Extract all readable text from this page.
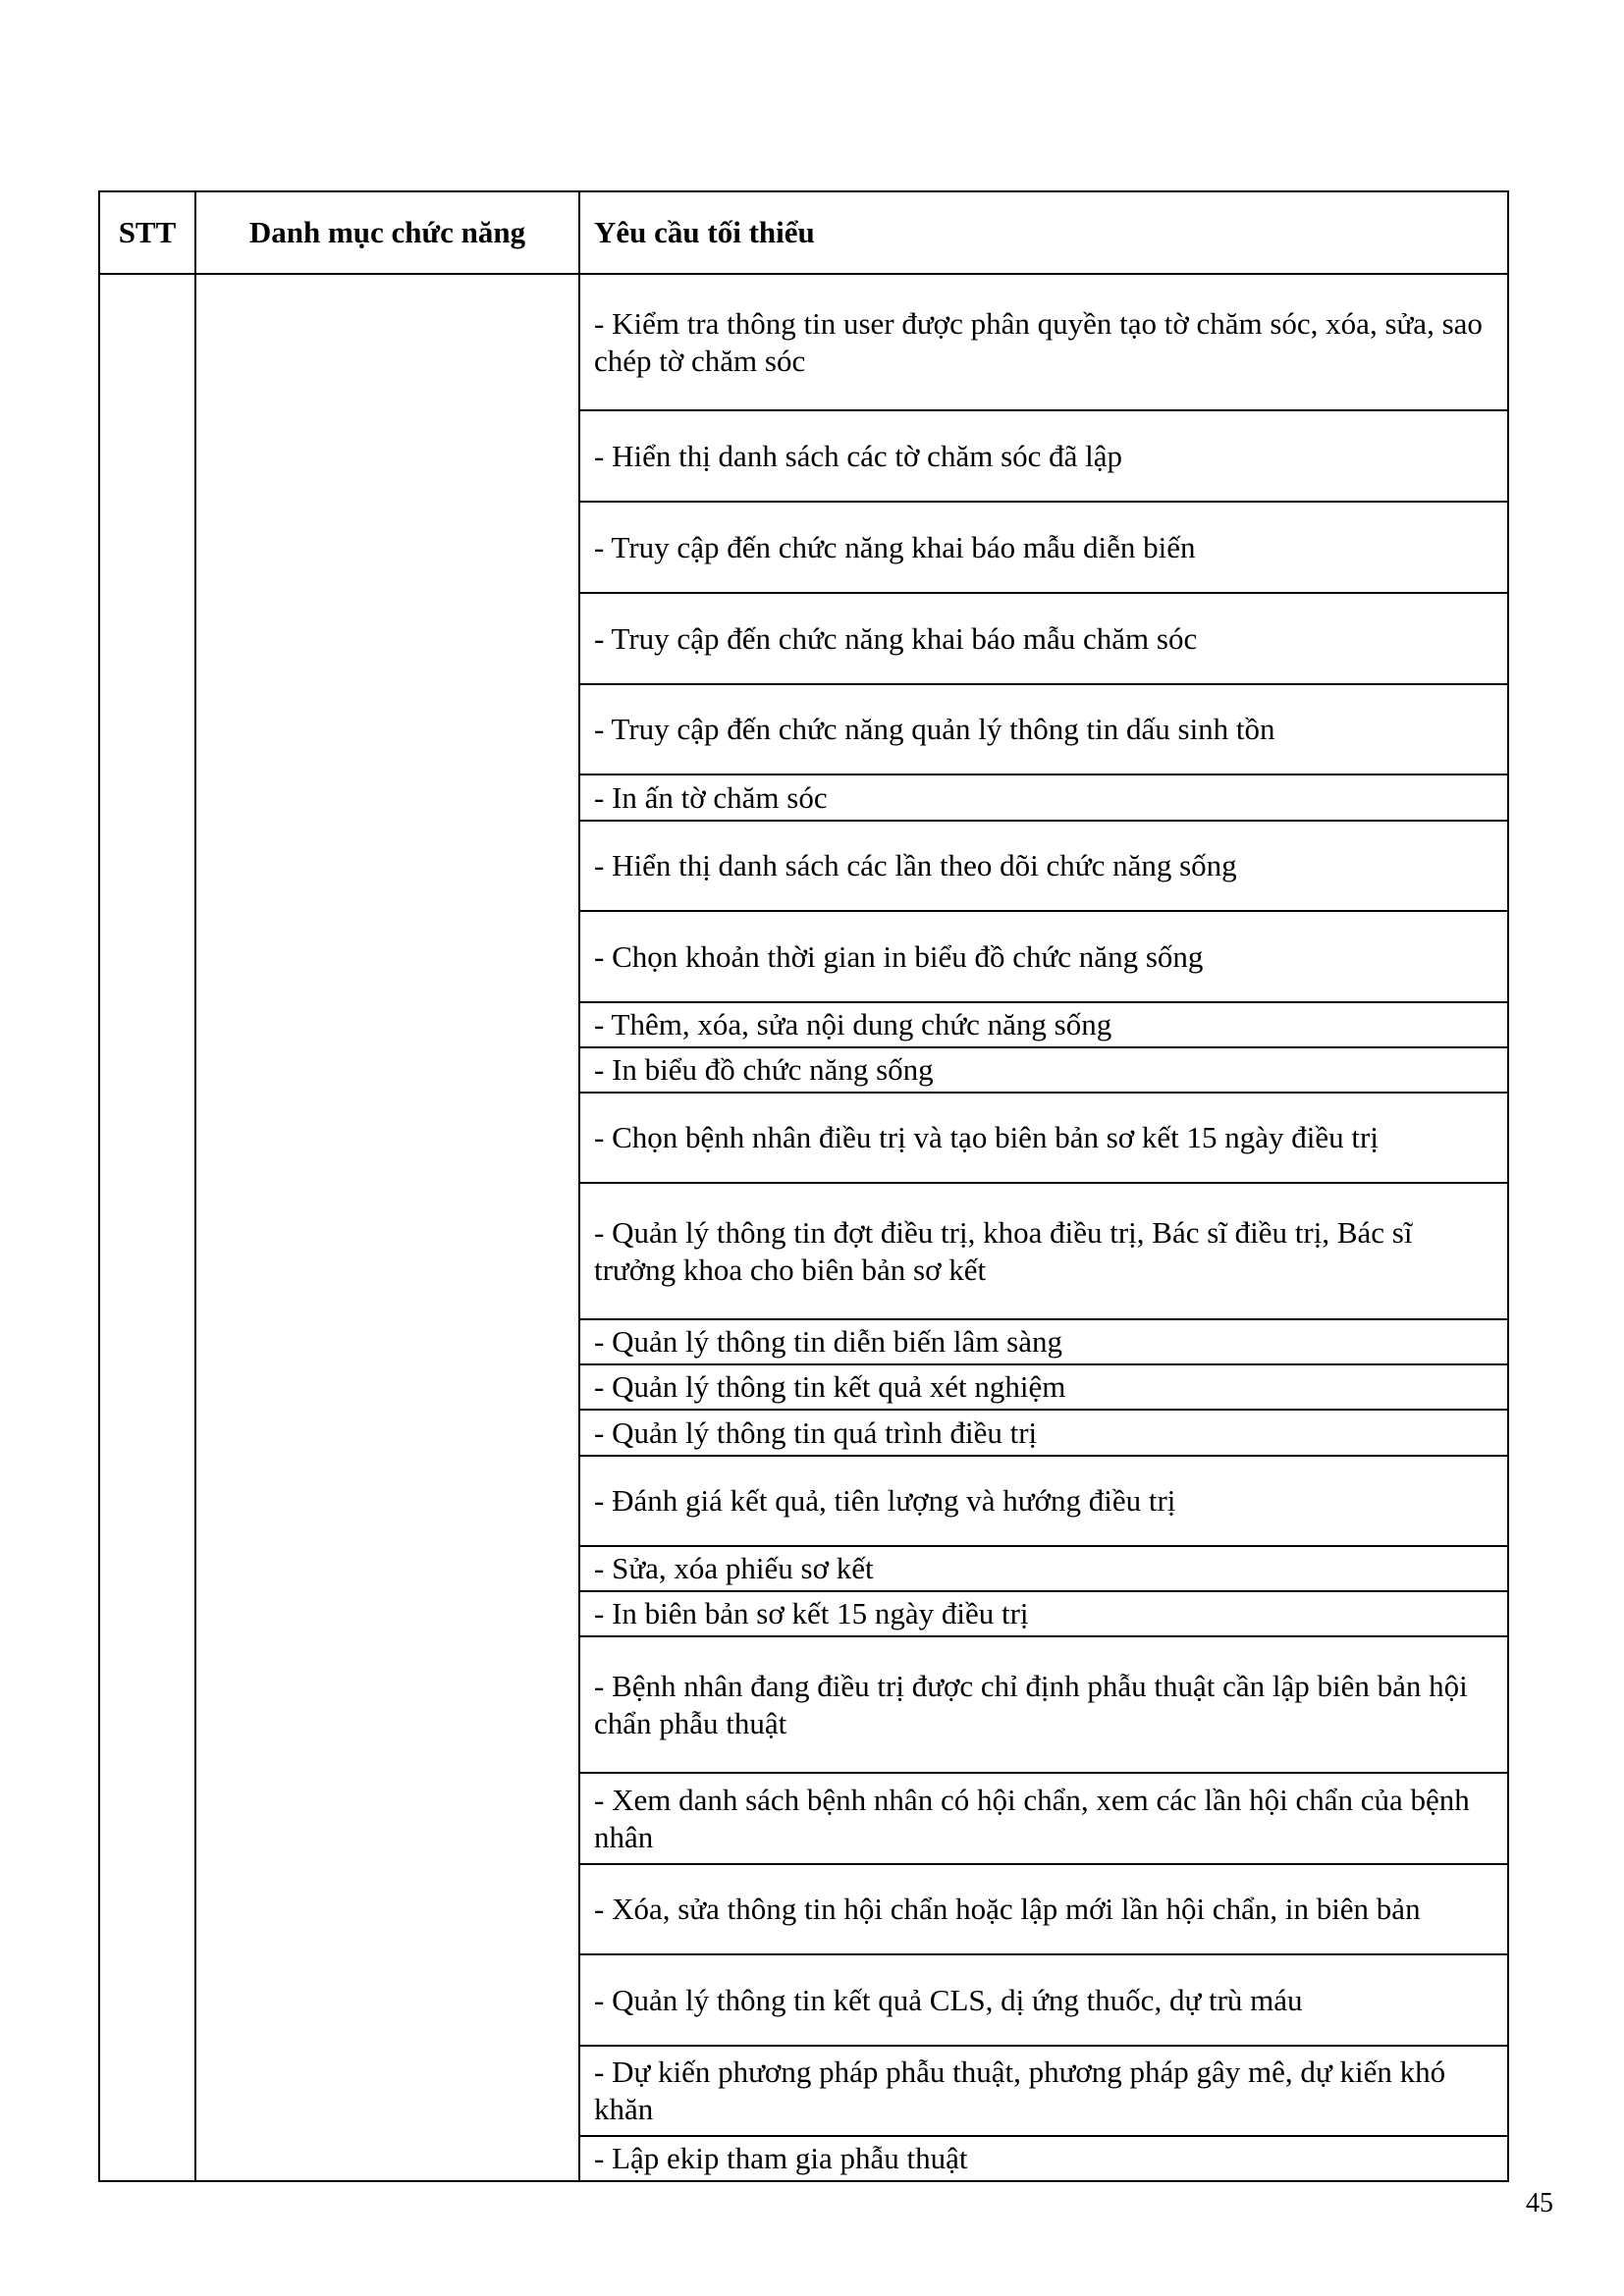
STT	Danh mục chức năng	Yêu cầu tối thiểu
		- Kiểm tra thông tin user được phân quyền tạo tờ chăm sóc, xóa, sửa, sao chép tờ chăm sóc
		- Hiển thị danh sách các tờ chăm sóc đã lập
		- Truy cập đến chức năng khai báo mẫu diễn biến
		- Truy cập đến chức năng khai báo mẫu chăm sóc
		- Truy cập đến chức năng quản lý thông tin dấu sinh tồn
		- In ấn tờ chăm sóc
		- Hiển thị danh sách các lần theo dõi chức năng sống
		- Chọn khoản thời gian in biểu đồ chức năng sống
		- Thêm, xóa, sửa nội dung chức năng sống
		- In biểu đồ chức năng sống
		- Chọn bệnh nhân điều trị và tạo biên bản sơ kết 15 ngày điều trị
		- Quản lý thông tin đợt điều trị, khoa điều trị, Bác sĩ điều trị, Bác sĩ trưởng khoa cho biên bản sơ kết
		- Quản lý thông tin diễn biến lâm sàng
		- Quản lý thông tin kết quả xét nghiệm
		- Quản lý thông tin quá trình điều trị
		- Đánh giá kết quả, tiên lượng và hướng điều trị
		- Sửa, xóa phiếu sơ kết
		- In biên bản sơ kết 15 ngày điều trị
		- Bệnh nhân đang điều trị được chỉ định phẫu thuật cần lập biên bản hội chẩn phẫu thuật
		- Xem danh sách bệnh nhân có hội chẩn, xem các lần hội chẩn của bệnh nhân
		- Xóa, sửa thông tin hội chẩn hoặc lập mới lần hội chẩn, in biên bản
		- Quản lý thông tin kết quả CLS, dị ứng thuốc, dự trù máu
		- Dự kiến phương pháp phẫu thuật, phương pháp gây mê, dự kiến khó khăn
		- Lập ekip tham gia phẫu thuật
45
